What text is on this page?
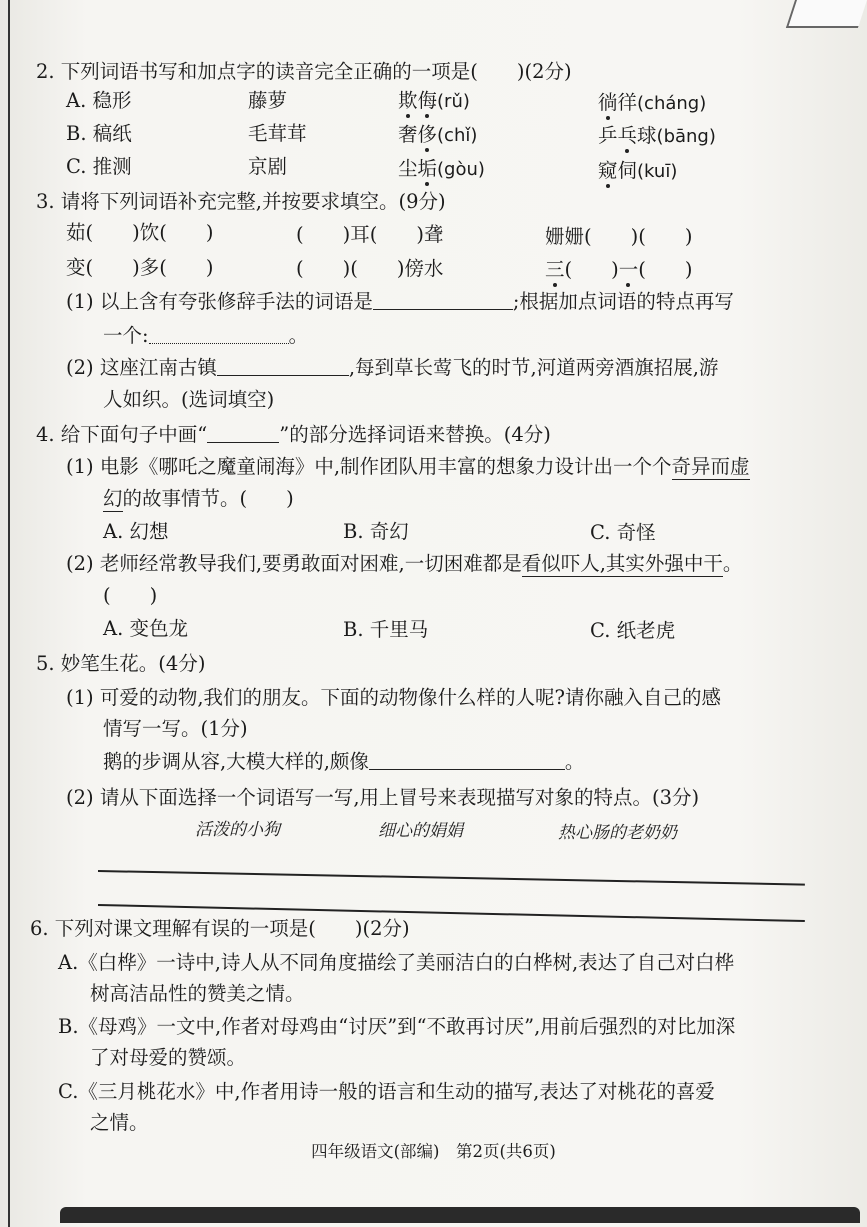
2. 下列词语书写和加点字的读音完全正确的一项是(　　)(2分)
A. 稳形	藤萝	欺侮(rǔ)	徜徉(cháng)
B. 稿纸	毛茸茸	奢侈(chǐ)	乒乓球(bāng)
C. 推测	京剧	尘垢(gòu)	窥伺(kuī)
3. 请将下列词语补充完整,并按要求填空。(9分)
茹(　　)饮(　　)	(　　)耳(　　)聋	姗姗(　　)(　　)
变(　　)多(　　)	(　　)(　　)傍水	三(　　)一(　　)
(1) 以上含有夸张修辞手法的词语是	;根据加点词语的特点再写
一个:	。
(2) 这座江南古镇	,每到草长莺飞的时节,河道两旁酒旗招展,游
人如织。(选词填空)
4. 给下面句子中画“	”的部分选择词语来替换。(4分)
(1) 电影《哪吒之魔童闹海》中,制作团队用丰富的想象力设计出一个个奇异而虚
幻的故事情节。(　　)
A. 幻想	B. 奇幻	C. 奇怪
(2) 老师经常教导我们,要勇敢面对困难,一切困难都是看似吓人,其实外强中干。
(　　)
A. 变色龙	B. 千里马	C. 纸老虎
5. 妙笔生花。(4分)
(1) 可爱的动物,我们的朋友。下面的动物像什么样的人呢?请你融入自己的感
情写一写。(1分)
鹅的步调从容,大模大样的,颇像	。
(2) 请从下面选择一个词语写一写,用上冒号来表现描写对象的特点。(3分)
活泼的小狗	细心的娟娟	热心肠的老奶奶
6. 下列对课文理解有误的一项是(　　)(2分)
A.《白桦》一诗中,诗人从不同角度描绘了美丽洁白的白桦树,表达了自己对白桦
树高洁品性的赞美之情。
B.《母鸡》一文中,作者对母鸡由“讨厌”到“不敢再讨厌”,用前后强烈的对比加深
了对母爱的赞颂。
C.《三月桃花水》中,作者用诗一般的语言和生动的描写,表达了对桃花的喜爱
之情。
四年级语文(部编)　第2页(共6页)
